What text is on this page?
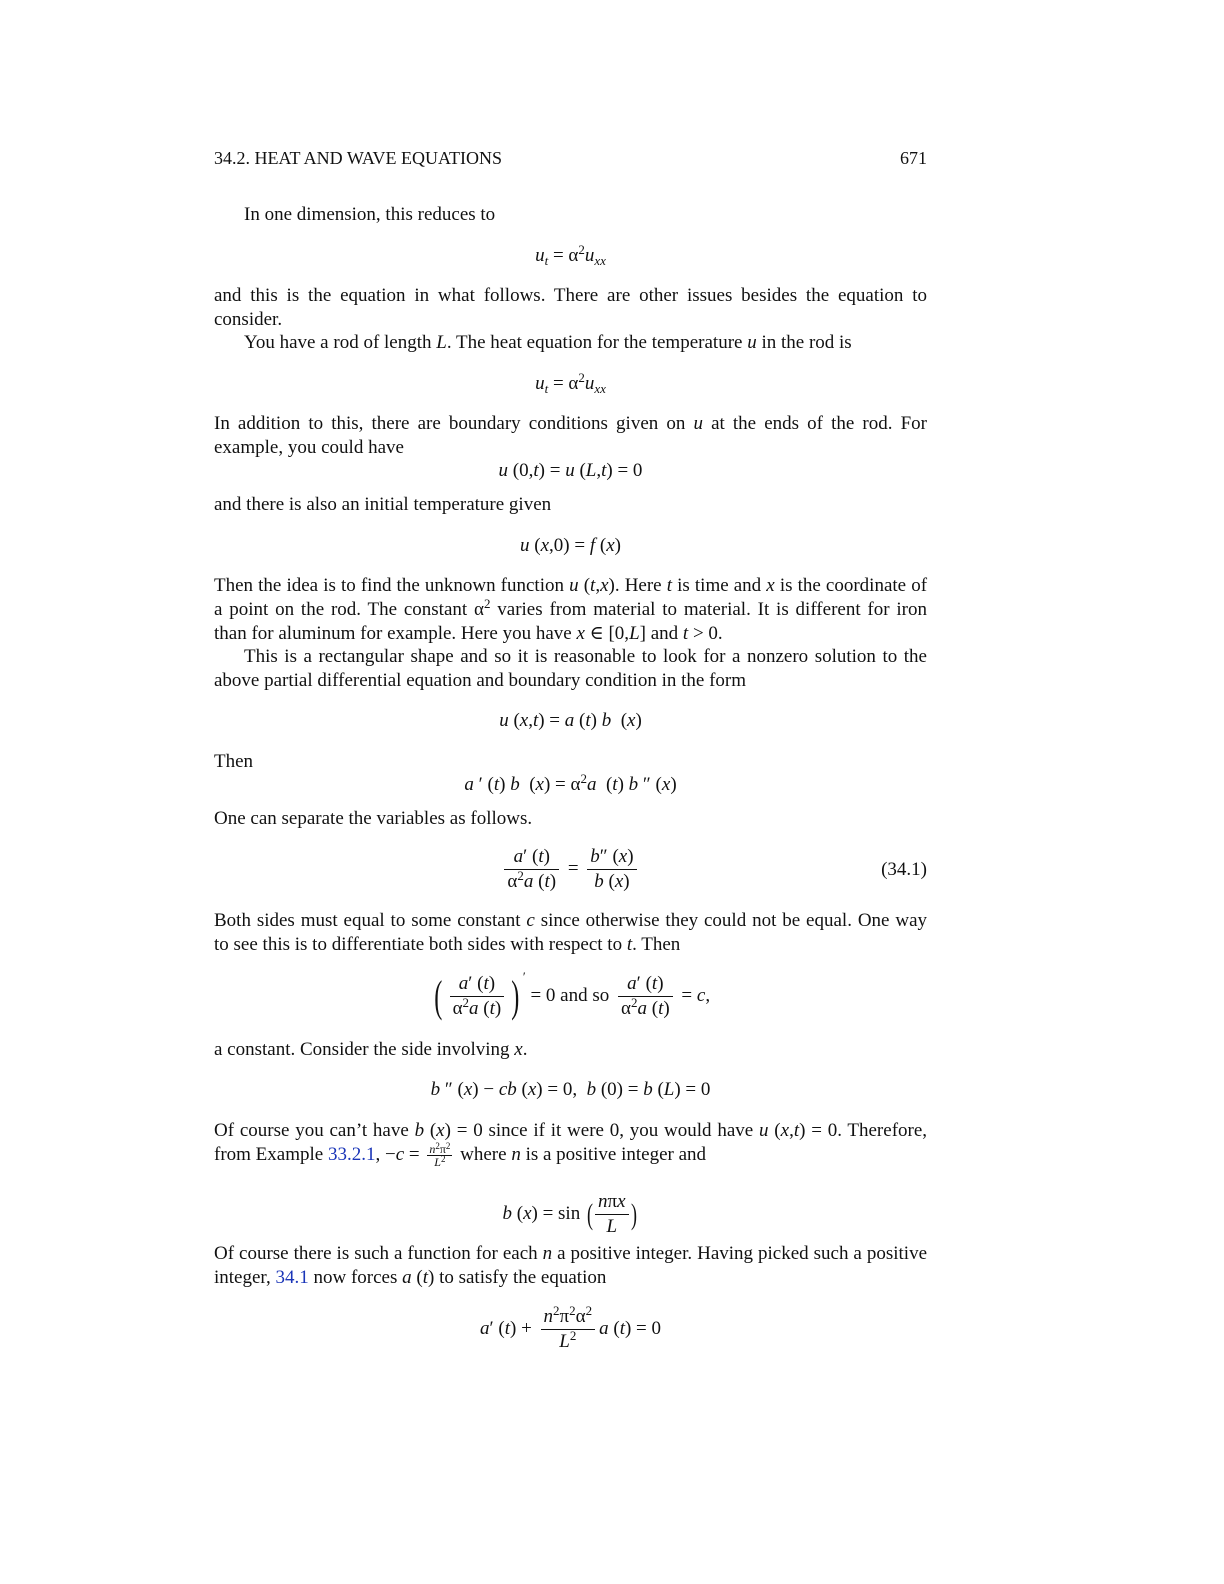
34.2. HEAT AND WAVE EQUATIONS	671
In one dimension, this reduces to
$u_t = \alpha^2u_{xx}$
and this is the equation in what follows. There are other issues besides the equation to consider.
You have a rod of length L. The heat equation for the temperature u in the rod is
$u_t = \alpha^2u_{xx}$
In addition to this, there are boundary conditions given on u at the ends of the rod. For example, you could have
u (0,t) = u (L,t) = 0
and there is also an initial temperature given
u (x,0) = f (x)
Then the idea is to find the unknown function u (t,x). Here t is time and x is the coordinate of a point on the rod. The constant $\alpha^2$ varies from material to material. It is different for iron than for aluminum for example. Here you have x ∈ [0,L] and t > 0.
This is a rectangular shape and so it is reasonable to look for a nonzero solution to the above partial differential equation and boundary condition in the form
u (x,t) = a (t) b  (x)
Then
a ′ (t) b  $(x) = \alpha^2a$  (t) b ″ (x)
One can separate the variables as follows.
$\frac{a' (t)}{\alpha^2a (t)} = \frac{b'' (x)}{b (x)}$	(34.1)
Both sides must equal to some constant c since otherwise they could not be equal. One way to see this is to differentiate both sides with respect to t. Then
( $\frac{a' (t)}{\alpha^2a (t)}$ ) ′ = 0 and so $\frac{a' (t)}{\alpha^2a (t)} = c$,
a constant. Consider the side involving x.
b ″ (x) − cb (x) = 0,  b (0) = b (L) = 0
Of course you can’t have b (x) = 0 since if it were 0, you would have u (x,t) = 0. Therefore, from Example 33.2.1, $-c = \frac{n^2\pi^2}{L^2}$ where n is a positive integer and
b (x) = sin ( $\frac{\text{nπx}}{L}$ )
Of course there is such a function for each n a positive integer. Having picked such a positive integer, 34.1 now forces a (t) to satisfy the equation
a′ $(t) + \frac{n^2\pi^2\alpha^2}{L^2}$ a (t) = 0
